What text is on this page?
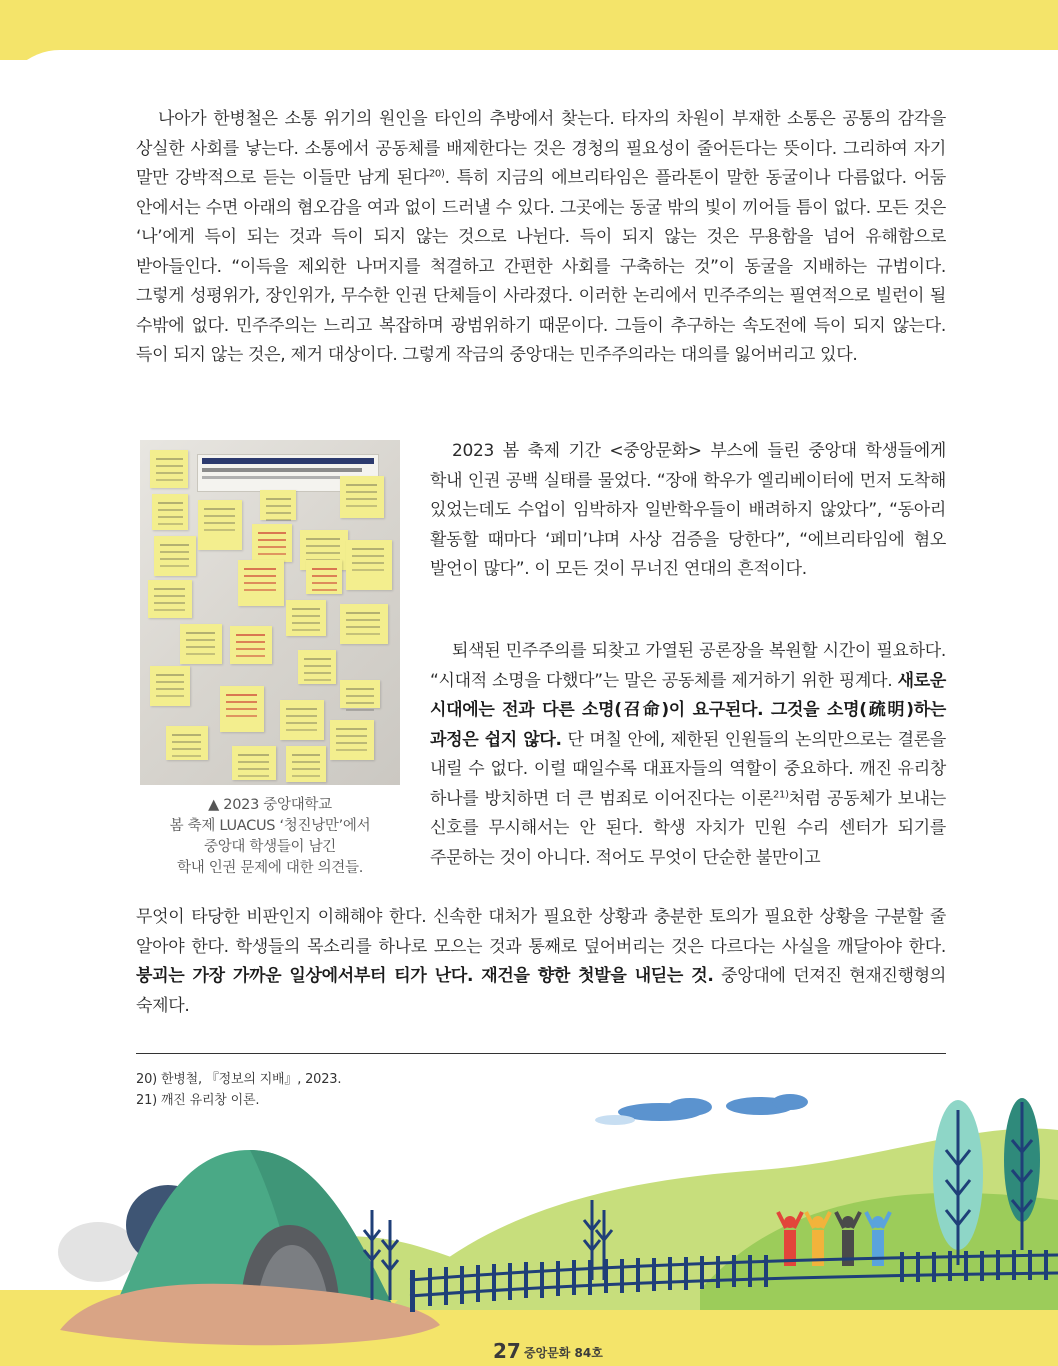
나아가 한병철은 소통 위기의 원인을 타인의 추방에서 찾는다. 타자의 차원이 부재한 소통은 공통의 감각을 상실한 사회를 낳는다. 소통에서 공동체를 배제한다는 것은 경청의 필요성이 줄어든다는 뜻이다. 그리하여 자기 말만 강박적으로 듣는 이들만 남게 된다$^{20)}$. 특히 지금의 에브리타임은 플라톤이 말한 동굴이나 다름없다. 어둠 안에서는 수면 아래의 혐오감을 여과 없이 드러낼 수 있다. 그곳에는 동굴 밖의 빛이 끼어들 틈이 없다. 모든 것은 ‘나’에게 득이 되는 것과 득이 되지 않는 것으로 나뉜다. 득이 되지 않는 것은 무용함을 넘어 유해함으로 받아들인다. “이득을 제외한 나머지를 척결하고 간편한 사회를 구축하는 것”이 동굴을 지배하는 규범이다. 그렇게 성평위가, 장인위가, 무수한 인권 단체들이 사라졌다. 이러한 논리에서 민주주의는 필연적으로 빌런이 될 수밖에 없다. 민주주의는 느리고 복잡하며 광범위하기 때문이다. 그들이 추구하는 속도전에 득이 되지 않는다. 득이 되지 않는 것은, 제거 대상이다. 그렇게 작금의 중앙대는 민주주의라는 대의를 잃어버리고 있다.

▲ 2023 중앙대학교
봄 축제 LUACUS ‘청진낭만’에서
중앙대 학생들이 남긴
학내 인권 문제에 대한 의견들.

2023 봄 축제 기간 <중앙문화> 부스에 들린 중앙대 학생들에게 학내 인권 공백 실태를 물었다. “장애 학우가 엘리베이터에 먼저 도착해 있었는데도 수업이 임박하자 일반학우들이 배려하지 않았다”, “동아리 활동할 때마다 ‘페미’냐며 사상 검증을 당한다”, “에브리타임에 혐오 발언이 많다”. 이 모든 것이 무너진 연대의 흔적이다.

퇴색된 민주주의를 되찾고 가열된 공론장을 복원할 시간이 필요하다. “시대적 소명을 다했다”는 말은 공동체를 제거하기 위한 핑계다. 새로운 시대에는 전과 다른 소명(召命)이 요구된다. 그것을 소명(疏明)하는 과정은 쉽지 않다. 단 며칠 안에, 제한된 인원들의 논의만으로는 결론을 내릴 수 없다. 이럴 때일수록 대표자들의 역할이 중요하다. 깨진 유리창 하나를 방치하면 더 큰 범죄로 이어진다는 이론$^{21)}$처럼 공동체가 보내는 신호를 무시해서는 안 된다. 학생 자치가 민원 수리 센터가 되기를 주문하는 것이 아니다. 적어도 무엇이 단순한 불만이고

무엇이 타당한 비판인지 이해해야 한다. 신속한 대처가 필요한 상황과 충분한 토의가 필요한 상황을 구분할 줄 알아야 한다. 학생들의 목소리를 하나로 모으는 것과 통째로 덮어버리는 것은 다르다는 사실을 깨달아야 한다. 붕괴는 가장 가까운 일상에서부터 티가 난다. 재건을 향한 첫발을 내딛는 것. 중앙대에 던져진 현재진행형의 숙제다.

20) 한병철, 『정보의 지배』, 2023.
21) 깨진 유리창 이론.
27 중앙문화 84호
